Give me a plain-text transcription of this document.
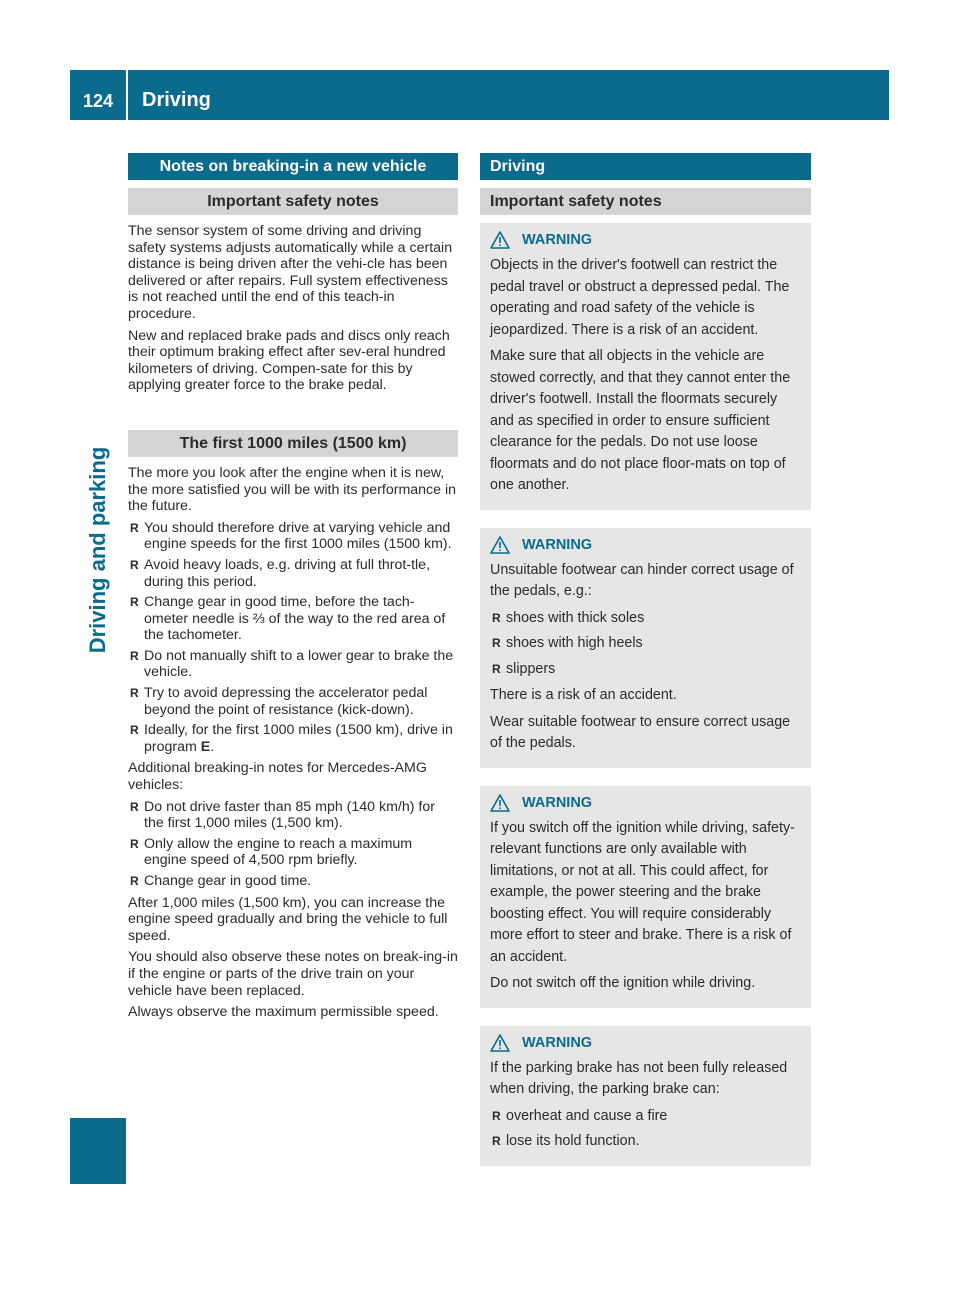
124	Driving
Driving and parking
Notes on breaking-in a new vehicle
Important safety notes

The sensor system of some driving and driving safety systems adjusts automatically while a certain distance is being driven after the vehi-cle has been delivered or after repairs. Full system effectiveness is not reached until the end of this teach-in procedure.

New and replaced brake pads and discs only reach their optimum braking effect after sev-eral hundred kilometers of driving. Compen-sate for this by applying greater force to the brake pedal.

The first 1000 miles (1500 km)

The more you look after the engine when it is new, the more satisfied you will be with its performance in the future.

R You should therefore drive at varying vehicle and engine speeds for the first 1000 miles (1500 km).
R Avoid heavy loads, e.g. driving at full throt-tle, during this period.
R Change gear in good time, before the tach-ometer needle is ⅔ of the way to the red area of the tachometer.
R Do not manually shift to a lower gear to brake the vehicle.
R Try to avoid depressing the accelerator pedal beyond the point of resistance (kick-down).
R Ideally, for the first 1000 miles (1500 km), drive in program E.

Additional breaking-in notes for Mercedes-AMG vehicles:

R Do not drive faster than 85 mph (140 km/h) for the first 1,000 miles (1,500 km).
R Only allow the engine to reach a maximum engine speed of 4,500 rpm briefly.
R Change gear in good time.

After 1,000 miles (1,500 km), you can increase the engine speed gradually and bring the vehicle to full speed.

You should also observe these notes on break-ing-in if the engine or parts of the drive train on your vehicle have been replaced.

Always observe the maximum permissible speed.

Driving
Important safety notes
WARNING

Objects in the driver's footwell can restrict the pedal travel or obstruct a depressed pedal. The operating and road safety of the vehicle is jeopardized. There is a risk of an accident.

Make sure that all objects in the vehicle are stowed correctly, and that they cannot enter the driver's footwell. Install the floormats securely and as specified in order to ensure sufficient clearance for the pedals. Do not use loose floormats and do not place floor-mats on top of one another.

WARNING

Unsuitable footwear can hinder correct usage of the pedals, e.g.:

R shoes with thick soles
R shoes with high heels
R slippers

There is a risk of an accident.

Wear suitable footwear to ensure correct usage of the pedals.

WARNING

If you switch off the ignition while driving, safety-relevant functions are only available with limitations, or not at all. This could affect, for example, the power steering and the brake boosting effect. You will require considerably more effort to steer and brake. There is a risk of an accident.

Do not switch off the ignition while driving.

WARNING

If the parking brake has not been fully released when driving, the parking brake can:

R overheat and cause a fire
R lose its hold function.
